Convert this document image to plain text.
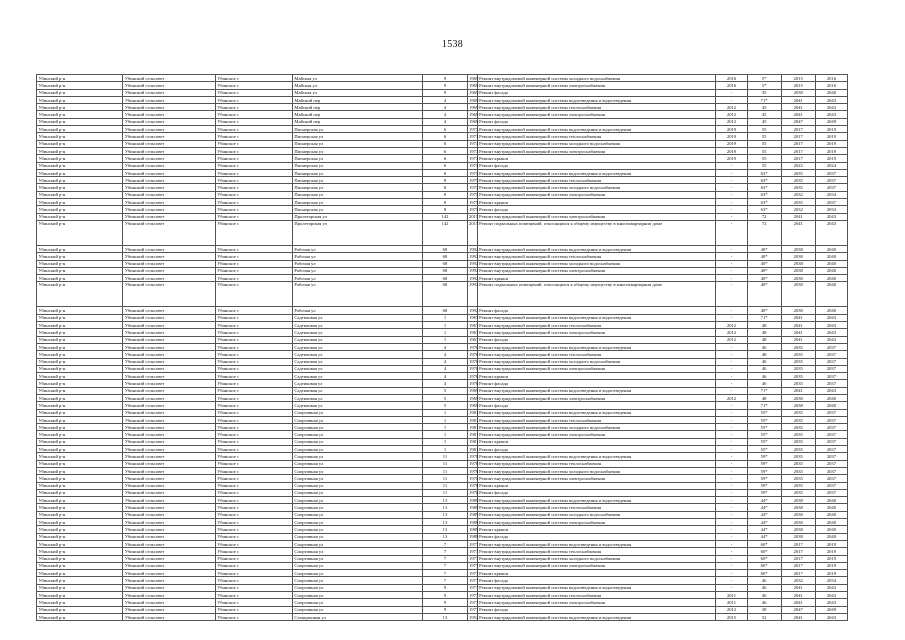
1538
Убинский р-н	Убинский сельсовет	Убинское с	Майская ул	9	1969	Ремонт внутридомовой инженерной системы холодного водоснабжения	2016	5*	2015	2016
Убинский р-н	Убинский сельсовет	Убинское с	Майская ул	9	1969	Ремонт внутридомовой инженерной системы электроснабжения	2016	5*	2015	2016
Убинский р-н	Убинский сельсовет	Убинское с	Майская ул	9	1969	Ремонт фасада	-	35	2038	2040
Убинский р-н	Убинский сельсовет	Убинское с	Майский пер	4	1969	Ремонт внутридомовой инженерной системы водоотведения и водоотведения	-	71*	2041	2043
Убинский р-н	Убинский сельсовет	Убинское с	Майский пер	4	1969	Ремонт внутридомовой инженерной системы теплоснабжения	2012	45	2041	2043
Убинский р-н	Убинский сельсовет	Убинское с	Майский пер	4	1969	Ремонт внутридомовой инженерной системы электроснабжения	2012	45	2041	2043
Убинский р-н	Убинский сельсовет	Убинское с	Майский пер	4	1969	Ремонт фасада	2012	45	2047	2049
Убинский р-н	Убинский сельсовет	Убинское с	Пионерская ул	6	1973	Ремонт внутридомовой инженерной системы водоотведения и водоотведения	2019	55	2017	2019
Убинский р-н	Убинский сельсовет	Убинское с	Пионерская ул	6	1973	Ремонт внутридомовой инженерной системы теплоснабжения	2019	55	2017	2019
Убинский р-н	Убинский сельсовет	Убинское с	Пионерская ул	6	1973	Ремонт внутридомовой инженерной системы холодного водоснабжения	2019	55	2017	2019
Убинский р-н	Убинский сельсовет	Убинское с	Пионерская ул	6	1973	Ремонт внутридомовой инженерной системы электроснабжения	2019	55	2017	2019
Убинский р-н	Убинский сельсовет	Убинское с	Пионерская ул	6	1973	Ремонт крыши	2019	55	2017	2019
Убинский р-н	Убинский сельсовет	Убинское с	Пионерская ул	6	1973	Ремонт фасада	-	55	2022	2024
Убинский р-н	Убинский сельсовет	Убинское с	Пионерская ул	8	1975	Ремонт внутридомовой инженерной системы водоотведения и водоотведения	-	63*	2035	2037
Убинский р-н	Убинский сельсовет	Убинское с	Пионерская ул	8	1975	Ремонт внутридомовой инженерной системы теплоснабжения	-	63*	2035	2037
Убинский р-н	Убинский сельсовет	Убинское с	Пионерская ул	8	1975	Ремонт внутридомовой инженерной системы холодного водоснабжения	-	63*	2035	2037
Убинский р-н	Убинский сельсовет	Убинское с	Пионерская ул	8	1975	Ремонт внутридомовой инженерной системы электроснабжения	-	63*	2032	2034
Убинский р-н	Убинский сельсовет	Убинское с	Пионерская ул	8	1975	Ремонт крыши	-	63*	2035	2037
Убинский р-н	Убинский сельсовет	Убинское с	Пионерская ул	8	1975	Ремонт фасада	-	63*	2032	2034
Убинский р-н	Убинский сельсовет	Убинское с	Пролетарская ул	142	2015	Ремонт внутридомовой инженерной системы электроснабжения	-	72	2041	2043
Убинский р-н	Убинский сельсовет	Убинское с	Пролетарская ул	142	2015	Ремонт подвальных помещений, относящихся к общему имуществу в многоквартирном доме	-	72	2041	2043
Убинский р-н	Убинский сельсовет	Убинское с	Рабочая ул	68	1992	Ремонт внутридомовой инженерной системы водоотведения и водоотведения	-	40*	2038	2040
Убинский р-н	Убинский сельсовет	Убинское с	Рабочая ул	68	1992	Ремонт внутридомовой инженерной системы теплоснабжения	-	40*	2038	2040
Убинский р-н	Убинский сельсовет	Убинское с	Рабочая ул	68	1992	Ремонт внутридомовой инженерной системы холодного водоснабжения	-	40*	2038	2040
Убинский р-н	Убинский сельсовет	Убинское с	Рабочая ул	68	1992	Ремонт внутридомовой инженерной системы электроснабжения	-	40*	2038	2040
Убинский р-н	Убинский сельсовет	Убинское с	Рабочая ул	68	1992	Ремонт крыши	-	40*	2038	2040
Убинский р-н	Убинский сельсовет	Убинское с	Рабочая ул	68	1992	Ремонт подвальных помещений, относящихся к общему имуществу в многоквартирном доме	-	40*	2038	2040
Убинский р-н	Убинский сельсовет	Убинское с	Рабочая ул	68	1992	Ремонт фасада	-	40*	2038	2040
Убинский р-н	Убинский сельсовет	Убинское с	Садтиковая ул	1	1967	Ремонт внутридомовой инженерной системы водоотведения и водоотведения	-	71*	2041	2043
Убинский р-н	Убинский сельсовет	Убинское с	Садтиковая ул	1	1967	Ремонт внутридомовой инженерной системы теплоснабжения	2012	48	2041	2043
Убинский р-н	Убинский сельсовет	Убинское с	Садтиковая ул	1	1967	Ремонт внутридомовой инженерной системы электроснабжения	2012	48	2041	2043
Убинский р-н	Убинский сельсовет	Убинское с	Садтиковая ул	1	1967	Ремонт фасада	2012	48	2041	2043
Убинский р-н	Убинский сельсовет	Убинское с	Садтиковая ул	4	1976	Ремонт внутридомовой инженерной системы водоотведения и водоотведения	-	46	2035	2037
Убинский р-н	Убинский сельсовет	Убинское с	Садтиковая ул	4	1976	Ремонт внутридомовой инженерной системы теплоснабжения	-	48	2035	2037
Убинский р-н	Убинский сельсовет	Убинское с	Садтиковая ул	4	1976	Ремонт внутридомовой инженерной системы холодного водоснабжения	-	46	2035	2037
Убинский р-н	Убинский сельсовет	Убинское с	Садтиковая ул	4	1976	Ремонт внутридомовой инженерной системы электроснабжения	-	46	2035	2037
Убинский р-н	Убинский сельсовет	Убинское с	Садтиковая ул	4	1976	Ремонт крыши	-	46	2035	2037
Убинский р-н	Убинский сельсовет	Убинское с	Садтиковая ул	4	1976	Ремонт фасада	-	46	2035	2037
Убинский р-н	Убинский сельсовет	Убинское с	Садтиковая ул	5	1969	Ремонт внутридомовой инженерной системы водоотведения и водоотведения	-	71*	2041	2043
Убинский р-н	Убинский сельсовет	Убинское с	Садтиковая ул	5	1969	Ремонт внутридомовой инженерной системы электроснабжения	2012	48	2038	2040
Убинский р-н	Убинский сельсовет	Убинское с	Садтиковая ул	5	1969	Ремонт фасада	-	71*	2038	2040
Убинский р-н	Убинский сельсовет	Убинское с	Спортивная ул	1	1981	Ремонт внутридомовой инженерной системы водоотведения и водоотведения	-	55*	2035	2037
Убинский р-н	Убинский сельсовет	Убинское с	Спортивная ул	1	1981	Ремонт внутридомовой инженерной системы теплоснабжения	-	55*	2035	2037
Убинский р-н	Убинский сельсовет	Убинское с	Спортивная ул	1	1981	Ремонт внутридомовой инженерной системы холодного водоснабжения	-	55*	2035	2037
Убинский р-н	Убинский сельсовет	Убинское с	Спортивная ул	1	1981	Ремонт внутридомовой инженерной системы электроснабжения	-	55*	2035	2037
Убинский р-н	Убинский сельсовет	Убинское с	Спортивная ул	1	1981	Ремонт крыши	-	55*	2035	2037
Убинский р-н	Убинский сельсовет	Убинское с	Спортивная ул	1	1981	Ремонт фасада	-	55*	2035	2037
Убинский р-н	Убинский сельсовет	Убинское с	Спортивная ул	11	1978	Ремонт внутридомовой инженерной системы водоотведения и водоотведения	-	59*	2035	2037
Убинский р-н	Убинский сельсовет	Убинское с	Спортивная ул	11	1978	Ремонт внутридомовой инженерной системы теплоснабжения	-	59*	2035	2037
Убинский р-н	Убинский сельсовет	Убинское с	Спортивная ул	11	1978	Ремонт внутридомовой инженерной системы холодного водоснабжения	-	59*	2035	2037
Убинский р-н	Убинский сельсовет	Убинское с	Спортивная ул	11	1978	Ремонт внутридомовой инженерной системы электроснабжения	-	59*	2035	2037
Убинский р-н	Убинский сельсовет	Убинское с	Спортивная ул	11	1978	Ремонт крыши	-	59*	2035	2037
Убинский р-н	Убинский сельсовет	Убинское с	Спортивная ул	11	1978	Ремонт фасада	-	59*	2035	2037
Убинский р-н	Убинский сельсовет	Убинское с	Спортивная ул	13	1989	Ремонт внутридомовой инженерной системы водоотведения и водоотведения	-	44*	2038	2040
Убинский р-н	Убинский сельсовет	Убинское с	Спортивная ул	13	1989	Ремонт внутридомовой инженерной системы теплоснабжения	-	44*	2038	2040
Убинский р-н	Убинский сельсовет	Убинское с	Спортивная ул	13	1989	Ремонт внутридомовой инженерной системы холодного водоснабжения	-	44*	2038	2040
Убинский р-н	Убинский сельсовет	Убинское с	Спортивная ул	13	1989	Ремонт внутридомовой инженерной системы электроснабжения	-	44*	2038	2040
Убинский р-н	Убинский сельсовет	Убинское с	Спортивная ул	13	1989	Ремонт крыши	-	44*	2038	2040
Убинский р-н	Убинский сельсовет	Убинское с	Спортивная ул	13	1989	Ремонт фасада	-	44*	2038	2040
Убинский р-н	Убинский сельсовет	Убинское с	Спортивная ул	7	1977	Ремонт внутридомовой инженерной системы водоотведения и водоотведения	-	60*	2017	2019
Убинский р-н	Убинский сельсовет	Убинское с	Спортивная ул	7	1977	Ремонт внутридомовой инженерной системы теплоснабжения	-	60*	2017	2019
Убинский р-н	Убинский сельсовет	Убинское с	Спортивная ул	7	1977	Ремонт внутридомовой инженерной системы холодного водоснабжения	-	60*	2017	2019
Убинский р-н	Убинский сельсовет	Убинское с	Спортивная ул	7	1977	Ремонт внутридомовой инженерной системы электроснабжения	-	60*	2017	2019
Убинский р-н	Убинский сельсовет	Убинское с	Спортивная ул	7	1977	Ремонт крыши	-	60*	2017	2019
Убинский р-н	Убинский сельсовет	Убинское с	Спортивная ул	7	1977	Ремонт фасада	-	46	2032	2034
Убинский р-н	Убинский сельсовет	Убинское с	Спортивная ул	9	1977	Ремонт внутридомовой инженерной системы водоотведения и водоотведения	-	46	2041	2043
Убинский р-н	Убинский сельсовет	Убинское с	Спортивная ул	9	1977	Ремонт внутридомовой инженерной системы теплоснабжения	2011	46	2041	2043
Убинский р-н	Убинский сельсовет	Убинское с	Спортивная ул	9	1977	Ремонт внутридомовой инженерной системы электроснабжения	2011	46	2041	2043
Убинский р-н	Убинский сельсовет	Убинское с	Спортивная ул	9	1977	Ремонт фасада	2012	38	2047	2049
Убинский р-н	Убинский сельсовет	Убинское с	Станционная ул	13	1952	Ремонт внутридомовой инженерной системы водоотведения и водоотведения	2015	52	2041	2043
